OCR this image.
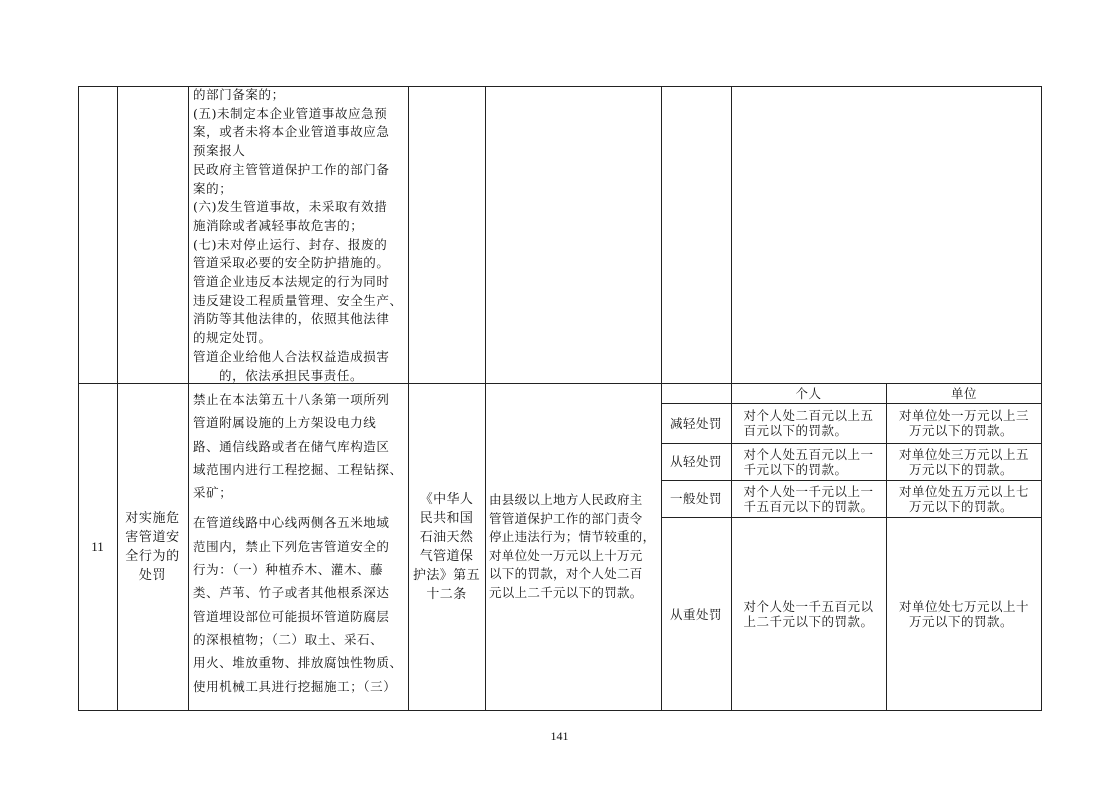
的部门备案的；

(五)未制定本企业管道事故应急预

案，或者未将本企业管道事故应急

预案报人

民政府主管管道保护工作的部门备

案的；

(六)发生管道事故，未采取有效措

施消除或者减轻事故危害的；

(七)未对停止运行、封存、报废的

管道采取必要的安全防护措施的。

管道企业违反本法规定的行为同时

违反建设工程质量管理、安全生产、

消防等其他法律的，依照其他法律

的规定处罚。

管道企业给他人合法权益造成损害

的，依法承担民事责任。

11
对实施危
害管道安
全行为的
处罚

禁止在本法第五十八条第一项所列

管道附属设施的上方架设电力线

路、通信线路或者在储气库构造区

域范围内进行工程挖掘、工程钻探、

采矿；

在管道线路中心线两侧各五米地域

范围内，禁止下列危害管道安全的

行为：（一）种植乔木、灌木、藤

类、芦苇、竹子或者其他根系深达

管道埋设部位可能损坏管道防腐层

的深根植物；（二）取土、采石、

用火、堆放重物、排放腐蚀性物质、

使用机械工具进行挖掘施工；（三）

《中华人
民共和国
石油天然
气管道保
护法》第五
十二条
由县级以上地方人民政府主
管管道保护工作的部门责令
停止违法行为；情节较重的，
对单位处一万元以上十万元
以下的罚款，对个人处二百
元以上二千元以下的罚款。
个人	单位
减轻处罚
从轻处罚
一般处罚
从重处罚
对个人处二百元以上五
百元以下的罚款。
对个人处五百元以上一
千元以下的罚款。
对个人处一千元以上一
千五百元以下的罚款。
对个人处一千五百元以
上二千元以下的罚款。
对单位处一万元以上三
万元以下的罚款。
对单位处三万元以上五
万元以下的罚款。
对单位处五万元以上七
万元以下的罚款。
对单位处七万元以上十
万元以下的罚款。
141
